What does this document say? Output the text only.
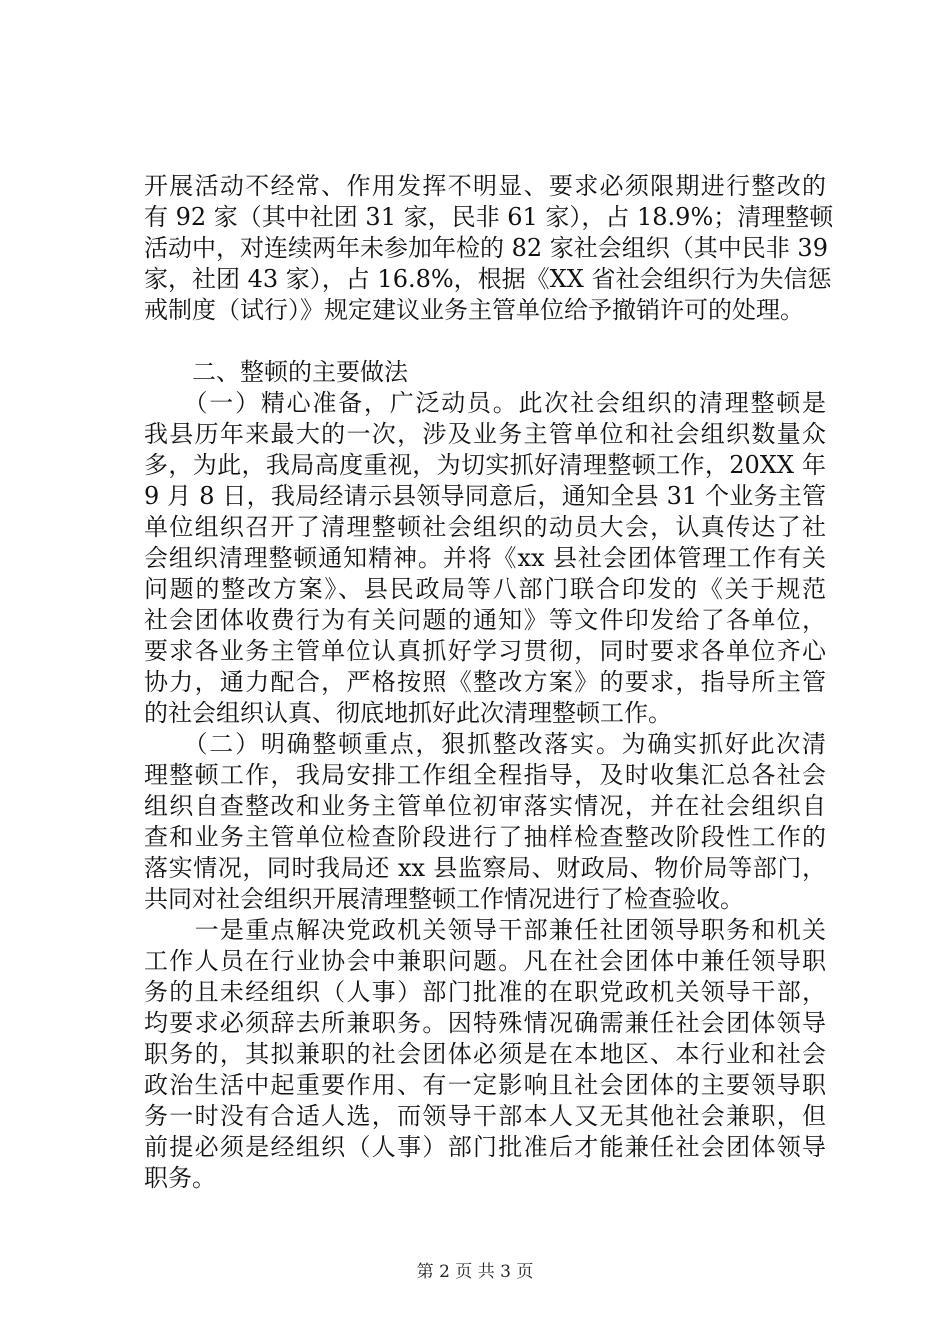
开展活动不经常、作用发挥不明显、要求必须限期进行整改的
有 92 家（其中社团 31 家，民非 61 家），占 18.9%；清理整顿
活动中，对连续两年未参加年检的 82 家社会组织（其中民非 39
家，社团 43 家），占 16.8%，根据《XX 省社会组织行为失信惩
戒制度（试行）》规定建议业务主管单位给予撤销许可的处理。
　　二、整顿的主要做法
　　（一）精心准备，广泛动员。此次社会组织的清理整顿是
我县历年来最大的一次，涉及业务主管单位和社会组织数量众
多，为此，我局高度重视，为切实抓好清理整顿工作，20XX 年
9 月 8 日，我局经请示县领导同意后，通知全县 31 个业务主管
单位组织召开了清理整顿社会组织的动员大会，认真传达了社
会组织清理整顿通知精神。并将《xx 县社会团体管理工作有关
问题的整改方案》、县民政局等八部门联合印发的《关于规范
社会团体收费行为有关问题的通知》等文件印发给了各单位，
要求各业务主管单位认真抓好学习贯彻，同时要求各单位齐心
协力，通力配合，严格按照《整改方案》的要求，指导所主管
的社会组织认真、彻底地抓好此次清理整顿工作。
　　（二）明确整顿重点，狠抓整改落实。为确实抓好此次清
理整顿工作，我局安排工作组全程指导，及时收集汇总各社会
组织自查整改和业务主管单位初审落实情况，并在社会组织自
查和业务主管单位检查阶段进行了抽样检查整改阶段性工作的
落实情况，同时我局还 xx 县监察局、财政局、物价局等部门，
共同对社会组织开展清理整顿工作情况进行了检查验收。
　　一是重点解决党政机关领导干部兼任社团领导职务和机关
工作人员在行业协会中兼职问题。凡在社会团体中兼任领导职
务的且未经组织（人事）部门批准的在职党政机关领导干部，
均要求必须辞去所兼职务。因特殊情况确需兼任社会团体领导
职务的，其拟兼职的社会团体必须是在本地区、本行业和社会
政治生活中起重要作用、有一定影响且社会团体的主要领导职
务一时没有合适人选，而领导干部本人又无其他社会兼职，但
前提必须是经组织（人事）部门批准后才能兼任社会团体领导
职务。
第 2 页 共 3 页
